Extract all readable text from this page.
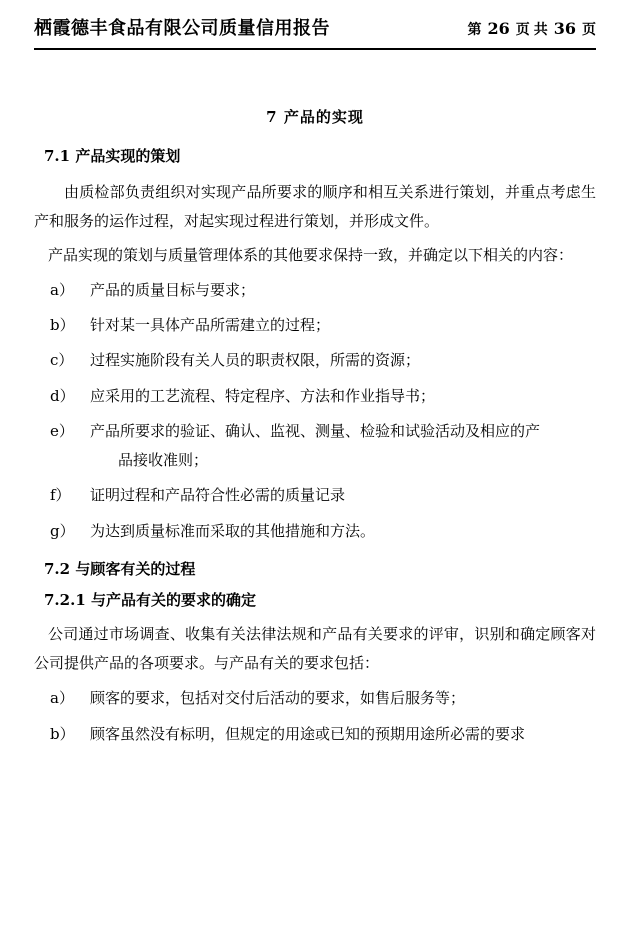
栖霞德丰食品有限公司质量信用报告	第 26 页 共 36 页
7 产品的实现
7.1 产品实现的策划

由质检部负责组织对实现产品所要求的顺序和相互关系进行策划，并重点考虑生产和服务的运作过程，对起实现过程进行策划，并形成文件。

产品实现的策划与质量管理体系的其他要求保持一致，并确定以下相关的内容：

a）	产品的质量目标与要求；
b）	针对某一具体产品所需建立的过程；
c）	过程实施阶段有关人员的职责权限，所需的资源；
d）	应采用的工艺流程、特定程序、方法和作业指导书；
e）	产品所要求的验证、确认、监视、测量、检验和试验活动及相应的产
品接收准则；
f）	证明过程和产品符合性必需的质量记录
g）	为达到质量标准而采取的其他措施和方法。
7.2 与顾客有关的过程
7.2.1 与产品有关的要求的确定

公司通过市场调查、收集有关法律法规和产品有关要求的评审，识别和确定顾客对公司提供产品的各项要求。与产品有关的要求包括：

a）	顾客的要求，包括对交付后活动的要求，如售后服务等；
b）	顾客虽然没有标明，但规定的用途或已知的预期用途所必需的要求
